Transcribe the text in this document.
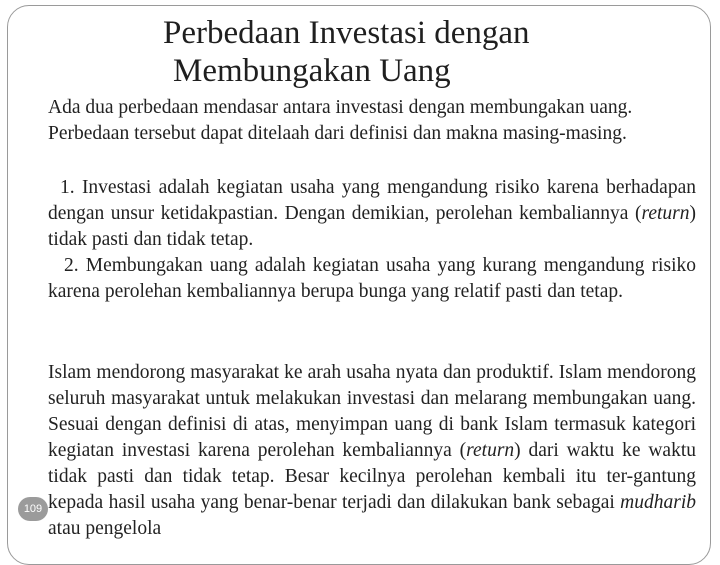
Perbedaan Investasi dengan
Membungakan Uang
Ada dua perbedaan mendasar antara investasi dengan membungakan uang. Perbedaan tersebut dapat ditelaah dari definisi dan makna masing-masing.

1. Investasi adalah kegiatan usaha yang mengandung risiko karena berhadapan dengan unsur ketidakpastian. Dengan demikian, perolehan kembaliannya (return) tidak pasti dan tidak tetap.

2. Membungakan uang adalah kegiatan usaha yang kurang mengandung risiko karena perolehan kembaliannya berupa bunga yang relatif pasti dan tetap.

Islam mendorong masyarakat ke arah usaha nyata dan produktif. Islam mendorong seluruh masyarakat untuk melakukan investasi dan melarang membungakan uang. Sesuai dengan definisi di atas, menyimpan uang di bank Islam termasuk kategori kegiatan investasi karena perolehan kembaliannya (return) dari waktu ke waktu tidak pasti dan tidak tetap. Besar kecilnya perolehan kembali itu ter-gantung kepada hasil usaha yang benar-benar terjadi dan dilakukan bank sebagai mudharib atau pengelola
109
